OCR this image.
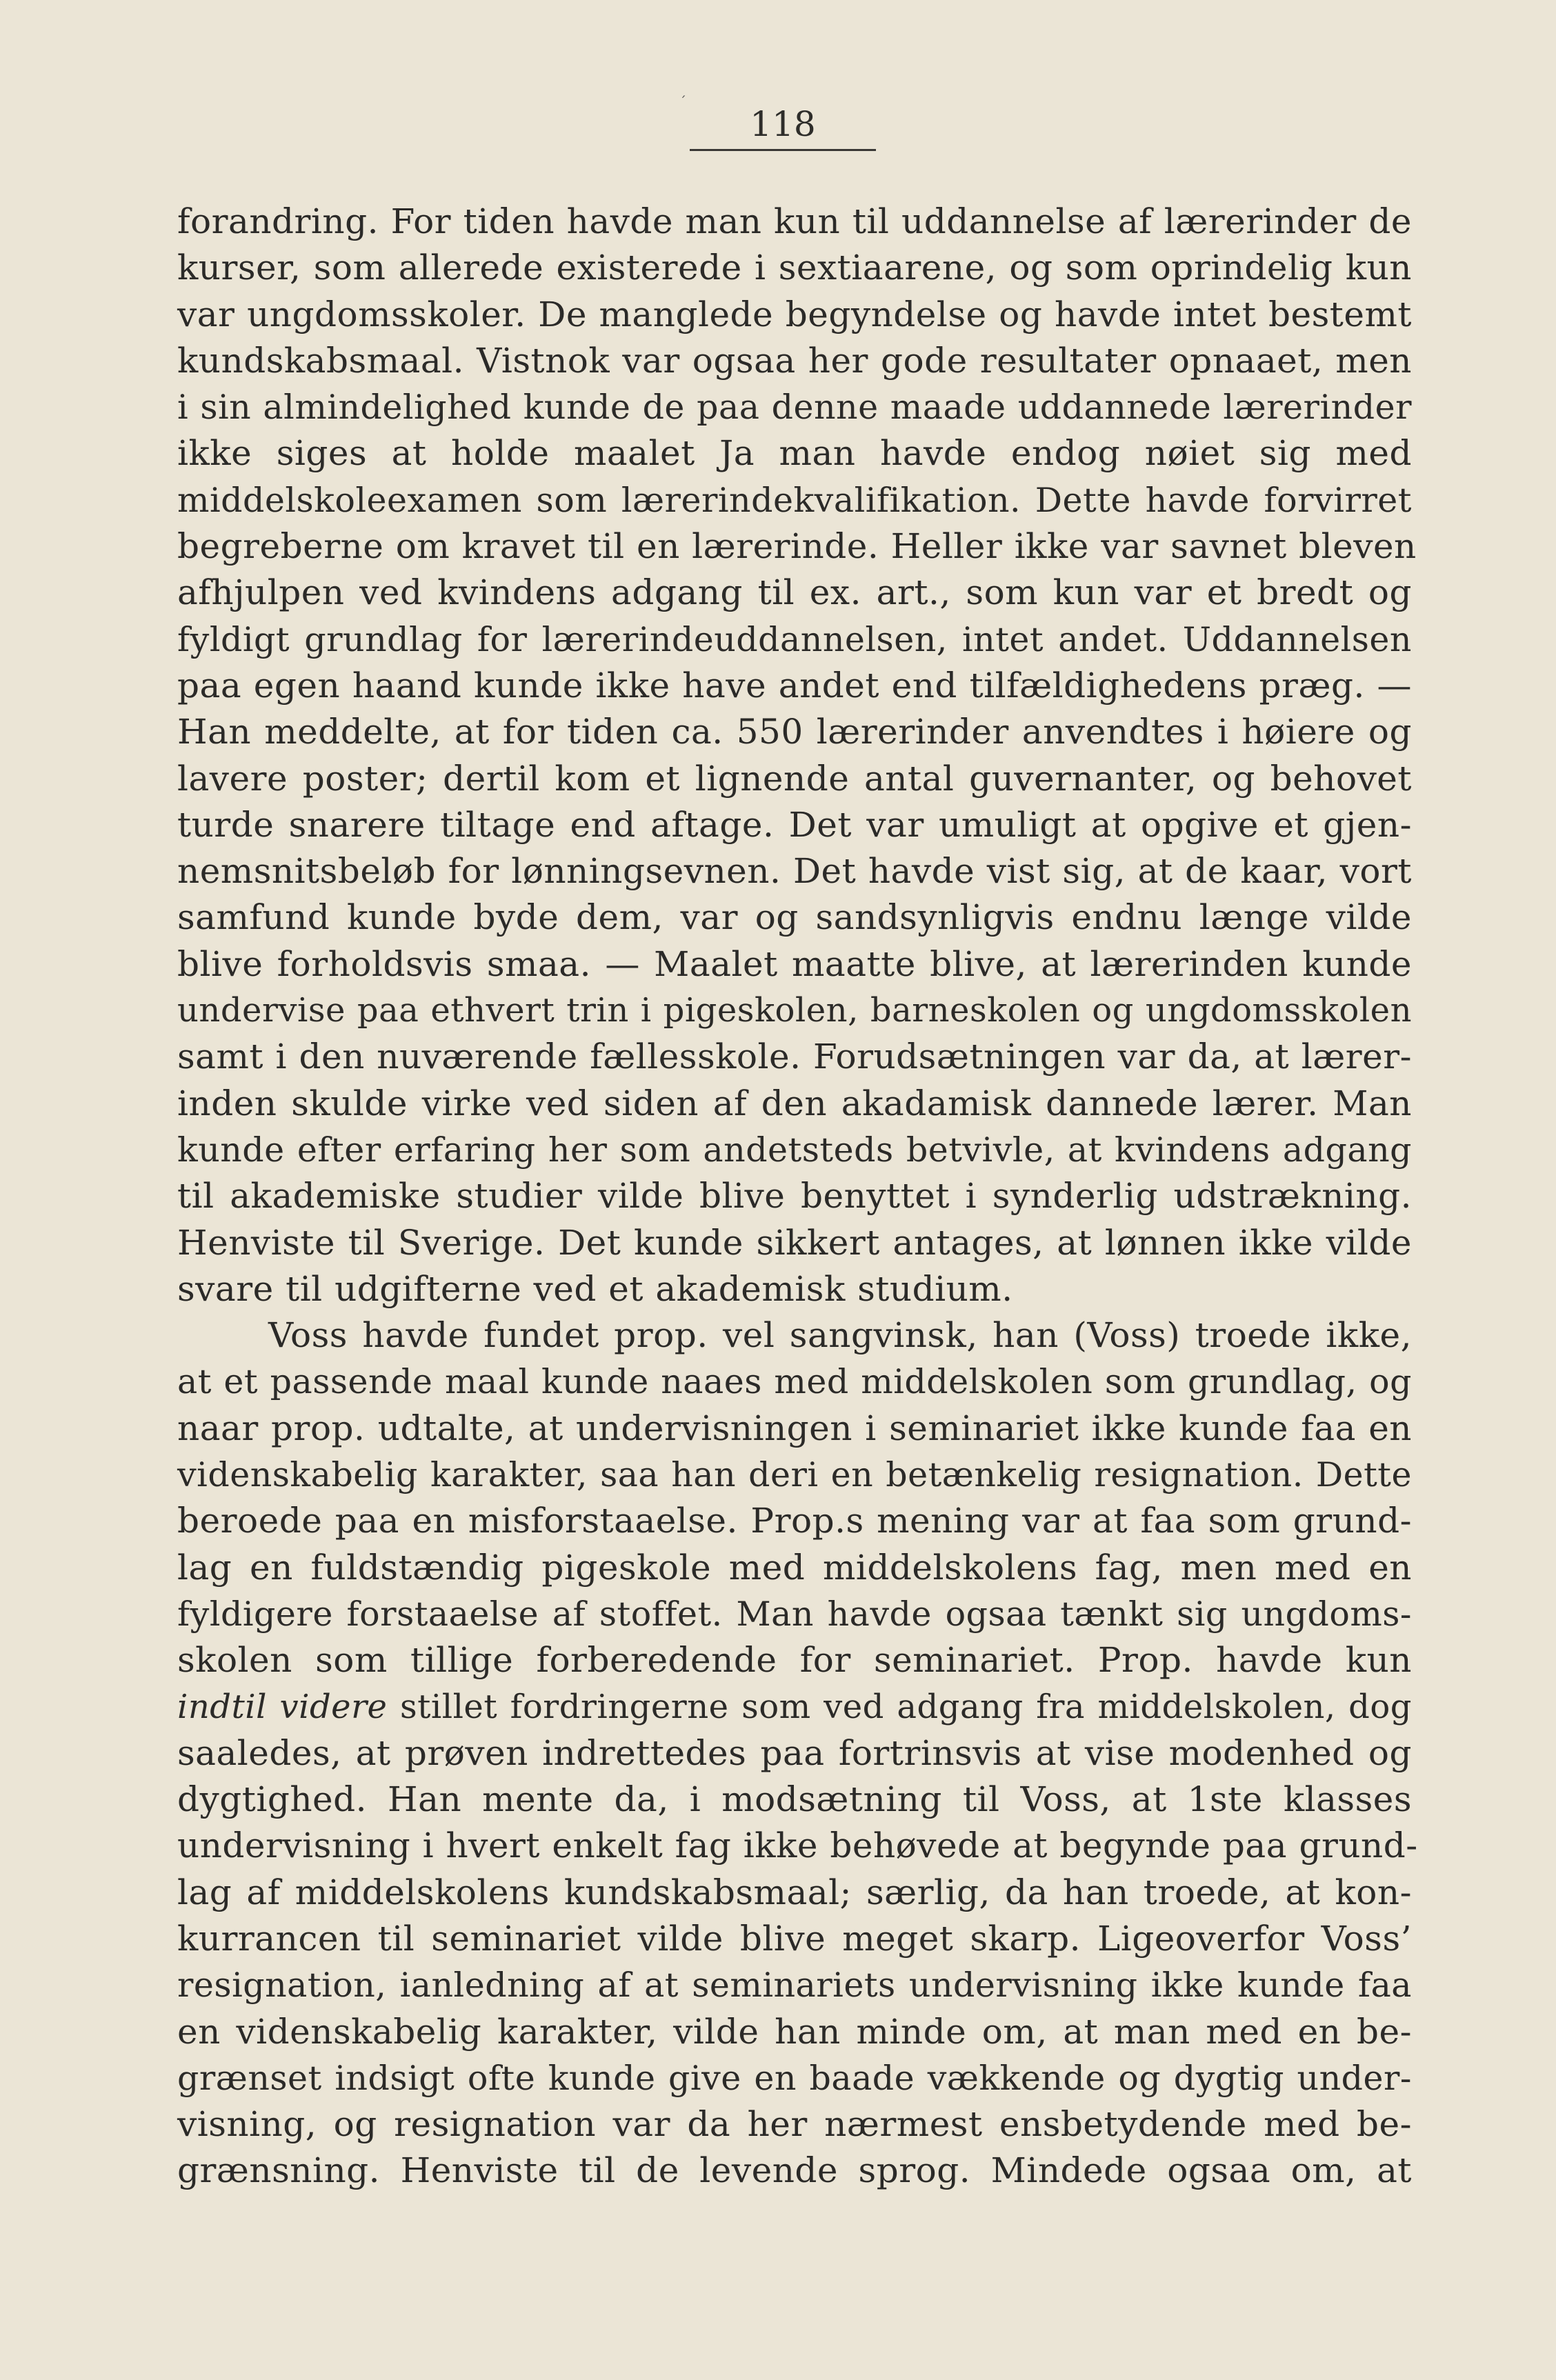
´
118
forandring. For tiden havde man kun til uddannelse af lærerinder de
kurser, som allerede existerede i sextiaarene, og som oprindelig kun
var ungdomsskoler. De manglede begyndelse og havde intet bestemt
kundskabsmaal. Vistnok var ogsaa her gode resultater opnaaet, men
i sin almindelighed kunde de paa denne maade uddannede lærerinder
ikke siges at holde maalet Ja man havde endog nøiet sig med
middelskoleexamen som lærerindekvalifikation. Dette havde forvirret
begreberne om kravet til en lærerinde. Heller ikke var savnet bleven
afhjulpen ved kvindens adgang til ex. art., som kun var et bredt og
fyldigt grundlag for lærerindeuddannelsen, intet andet. Uddannelsen
paa egen haand kunde ikke have andet end tilfældighedens præg. —
Han meddelte, at for tiden ca. 550 lærerinder anvendtes i høiere og
lavere poster; dertil kom et lignende antal guvernanter, og behovet
turde snarere tiltage end aftage. Det var umuligt at opgive et gjen-
nemsnitsbeløb for lønningsevnen. Det havde vist sig, at de kaar, vort
samfund kunde byde dem, var og sandsynligvis endnu længe vilde
blive forholdsvis smaa. — Maalet maatte blive, at lærerinden kunde
undervise paa ethvert trin i pigeskolen, barneskolen og ungdomsskolen
samt i den nuværende fællesskole. Forudsætningen var da, at lærer-
inden skulde virke ved siden af den akadamisk dannede lærer. Man
kunde efter erfaring her som andetsteds betvivle, at kvindens adgang
til akademiske studier vilde blive benyttet i synderlig udstrækning.
Henviste til Sverige. Det kunde sikkert antages, at lønnen ikke vilde
svare til udgifterne ved et akademisk studium.
Voss havde fundet prop. vel sangvinsk, han (Voss) troede ikke,
at et passende maal kunde naaes med middelskolen som grundlag, og
naar prop. udtalte, at undervisningen i seminariet ikke kunde faa en
videnskabelig karakter, saa han deri en betænkelig resignation. Dette
beroede paa en misforstaaelse. Prop.s mening var at faa som grund-
lag en fuldstændig pigeskole med middelskolens fag, men med en
fyldigere forstaaelse af stoffet. Man havde ogsaa tænkt sig ungdoms-
skolen som tillige forberedende for seminariet. Prop. havde kun
indtil videre stillet fordringerne som ved adgang fra middelskolen, dog
saaledes, at prøven indrettedes paa fortrinsvis at vise modenhed og
dygtighed. Han mente da, i modsætning til Voss, at 1ste klasses
undervisning i hvert enkelt fag ikke behøvede at begynde paa grund-
lag af middelskolens kundskabsmaal; særlig, da han troede, at kon-
kurrancen til seminariet vilde blive meget skarp. Ligeoverfor Voss’
resignation, ianledning af at seminariets undervisning ikke kunde faa
en videnskabelig karakter, vilde han minde om, at man med en be-
grænset indsigt ofte kunde give en baade vækkende og dygtig under-
visning, og resignation var da her nærmest ensbetydende med be-
grænsning. Henviste til de levende sprog. Mindede ogsaa om, at
